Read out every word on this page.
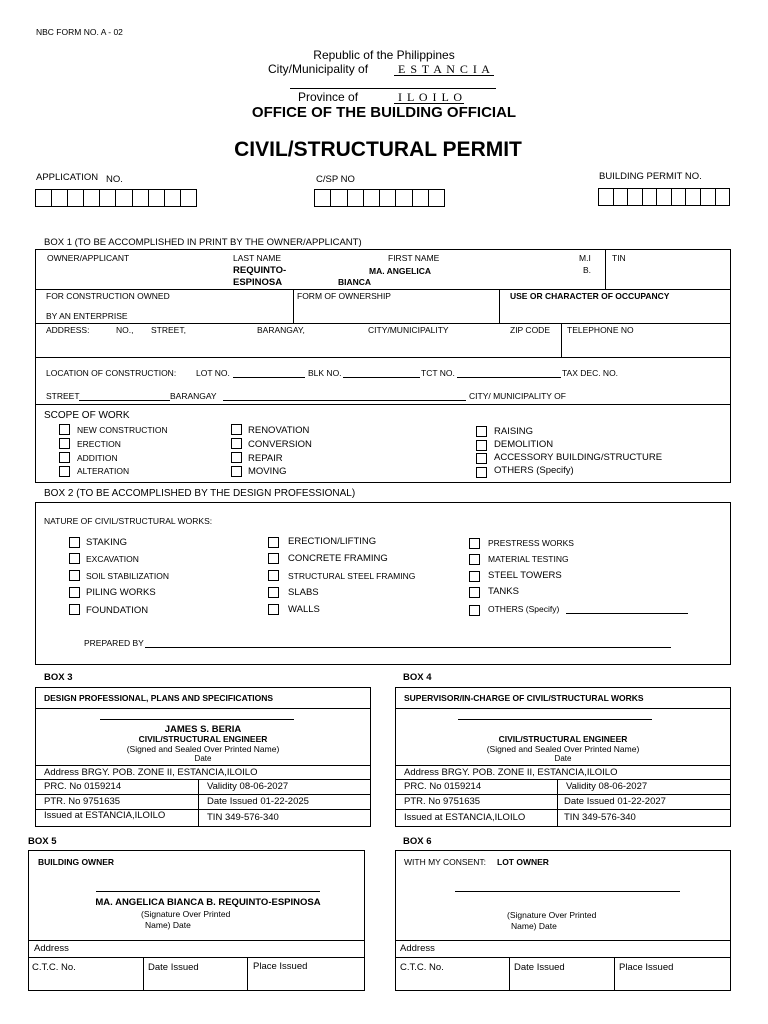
NBC FORM NO. A - 02
Republic of the Philippines
City/Municipality of E S T A N C I A
Province of	I L O I L O
OFFICE OF THE BUILDING OFFICIAL
CIVIL/STRUCTURAL PERMIT
APPLICATION NO.	C/SP NO	BUILDING PERMIT NO.
BOX 1 (TO BE ACCOMPLISHED IN PRINT BY THE OWNER/APPLICANT)
OWNER/APPLICANT	LAST NAME
REQUINTO-
ESPINOSA
FIRST NAME
MA. ANGELICA
BIANCA
M.I
B.
TIN
FOR CONSTRUCTION OWNED
BY AN ENTERPRISE
FORM OF OWNERSHIP	USE OR CHARACTER OF OCCUPANCY
ADDRESS:	NO., STREET,	BARANGAY,	CITY/MUNICIPALITY	ZIP CODE TELEPHONE NO
LOCATION OF CONSTRUCTION: LOT NO.	BLK NO.	TCT NO.	TAX DEC. NO.
STREET	BARANGAY	CITY/ MUNICIPALITY OF
SCOPE OF WORK
NEW CONSTRUCTION
ERECTION
ADDITION
ALTERATION
RENOVATION
CONVERSION
REPAIR
MOVING
RAISING
DEMOLITION
ACCESSORY BUILDING/STRUCTURE
OTHERS (Specify)
BOX 2 (TO BE ACCOMPLISHED BY THE DESIGN PROFESSIONAL)
NATURE OF CIVIL/STRUCTURAL WORKS:
STAKING
EXCAVATION
SOIL STABILIZATION
PILING WORKS
FOUNDATION
ERECTION/LIFTING
CONCRETE FRAMING
STRUCTURAL STEEL FRAMING
SLABS
WALLS
PRESTRESS WORKS
MATERIAL TESTING
STEEL TOWERS
TANKS
OTHERS (Specify)
PREPARED BY
BOX 3
DESIGN PROFESSIONAL, PLANS AND SPECIFICATIONS
JAMES S. BERIA
CIVIL/STRUCTURAL ENGINEER
(Signed and Sealed Over Printed Name)
Date
Address BRGY. POB. ZONE II, ESTANCIA,ILOILO
PRC. No 0159214	Validity 08-06-2027
PTR. No 9751635	Date Issued 01-22-2025
Issued at ESTANCIA,ILOILO	TIN 349-576-340
BOX 4
SUPERVISOR/IN-CHARGE OF CIVIL/STRUCTURAL WORKS
CIVIL/STRUCTURAL ENGINEER
(Signed and Sealed Over Printed Name)
Date
Address BRGY. POB. ZONE II, ESTANCIA,ILOILO
PRC. No 0159214	Validity 08-06-2027
PTR. No 9751635	Date Issued 01-22-2027
Issued at ESTANCIA,ILOILO	TIN 349-576-340
BOX 5
BUILDING OWNER
MA. ANGELICA BIANCA B. REQUINTO-ESPINOSA
(Signature Over Printed
Name) Date
Address
C.T.C. No.	Date Issued	Place Issued
BOX 6
WITH MY CONSENT: LOT OWNER
(Signature Over Printed
Name) Date
Address
C.T.C. No.	Date Issued	Place Issued
